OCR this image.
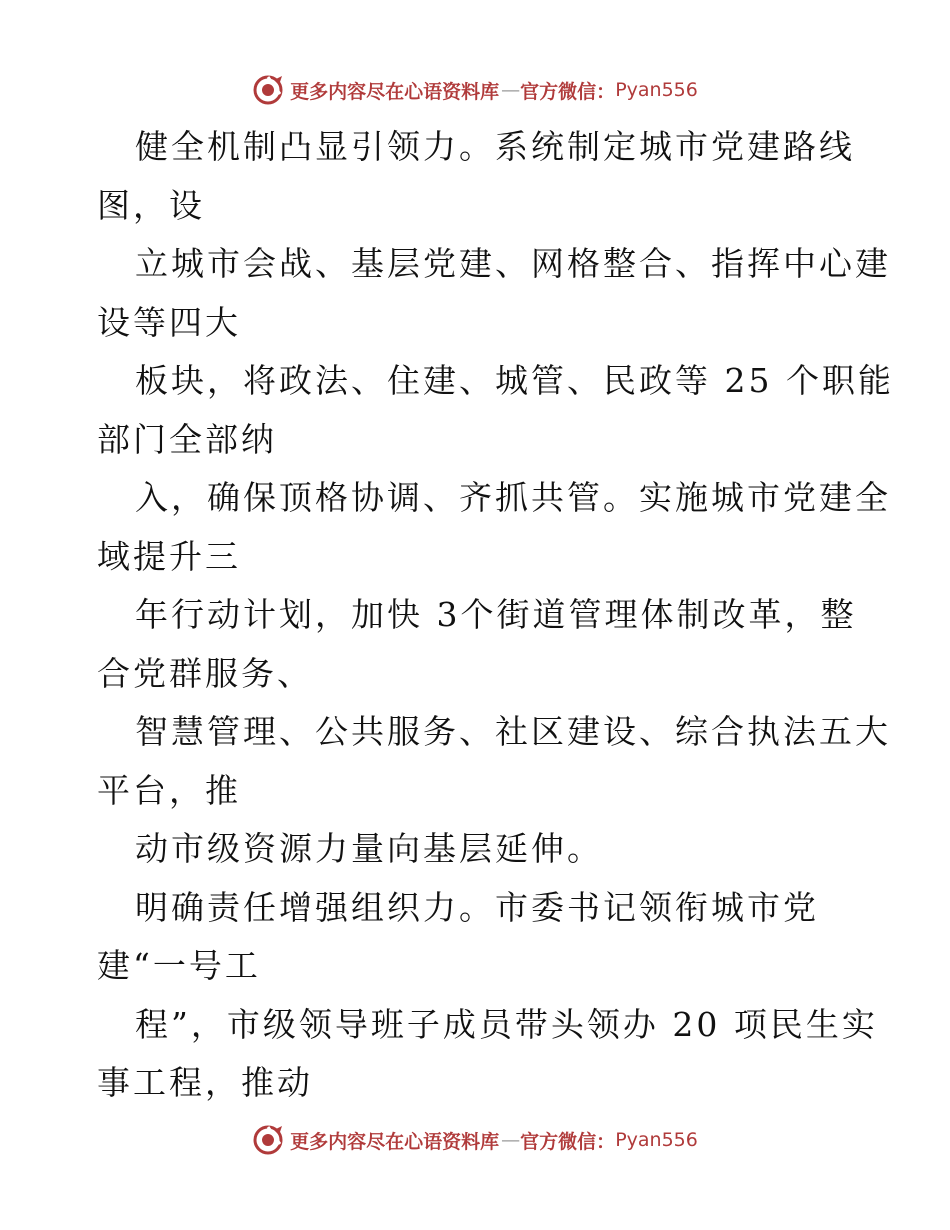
更多内容尽在心语资料库 — 官方微信： Pyan556
健全机制凸显引领力。系统制定城市党建路线
图，设
立城市会战、基层党建、网格整合、指挥中心建
设等四大
板块，将政法、住建、城管、民政等 25 个职能
部门全部纳
入，确保顶格协调、齐抓共管。实施城市党建全
域提升三
年行动计划，加快 3个街道管理体制改革，整
合党群服务、
智慧管理、公共服务、社区建设、综合执法五大
平台，推
动市级资源力量向基层延伸。
明确责任增强组织力。市委书记领衔城市党
建“一号工
程”，市级领导班子成员带头领办 20 项民生实
事工程，推动
更多内容尽在心语资料库 — 官方微信： Pyan556
